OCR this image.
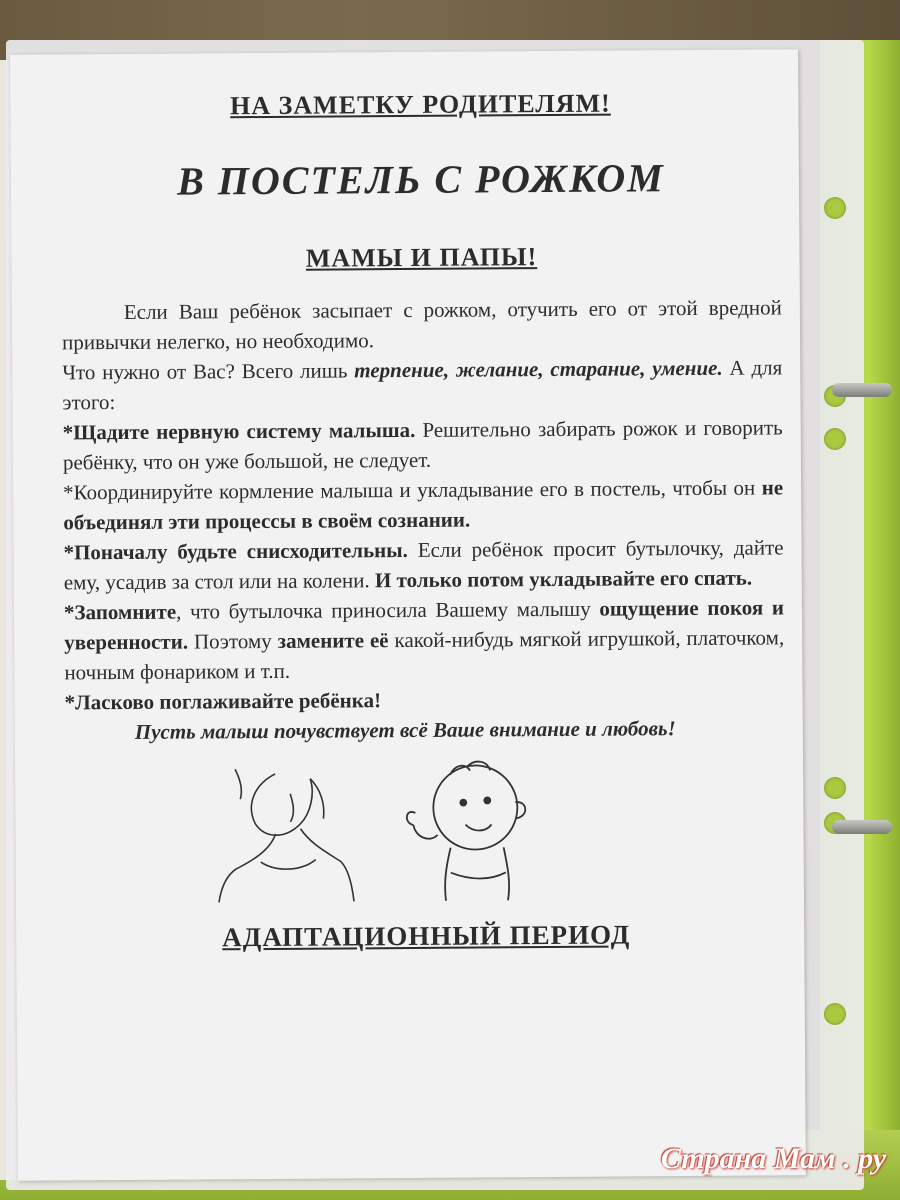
НА ЗАМЕТКУ РОДИТЕЛЯМ!
В ПОСТЕЛЬ С РОЖКОМ
МАМЫ И ПАПЫ!

Если Ваш ребёнок засыпает с рожком, отучить его от этой вредной привычки нелегко, но необходимо.

Что нужно от Вас? Всего лишь терпение, желание, старание, умение. А для этого:

*Щадите нервную систему малыша. Решительно забирать рожок и говорить ребёнку, что он уже большой, не следует.

*Координируйте кормление малыша и укладывание его в постель, чтобы он не объединял эти процессы в своём сознании.

*Поначалу будьте снисходительны. Если ребёнок просит бутылочку, дайте ему, усадив за стол или на колени. И только потом укладывайте его спать.

*Запомните, что бутылочка приносила Вашему малышу ощущение покоя и уверенности. Поэтому замените её какой-нибудь мягкой игрушкой, платочком, ночным фонариком и т.п.

*Ласково поглаживайте ребёнка!

Пусть малыш почувствует всё Ваше внимание и любовь!

АДАПТАЦИОННЫЙ ПЕРИОД
Страна Мам . ру
